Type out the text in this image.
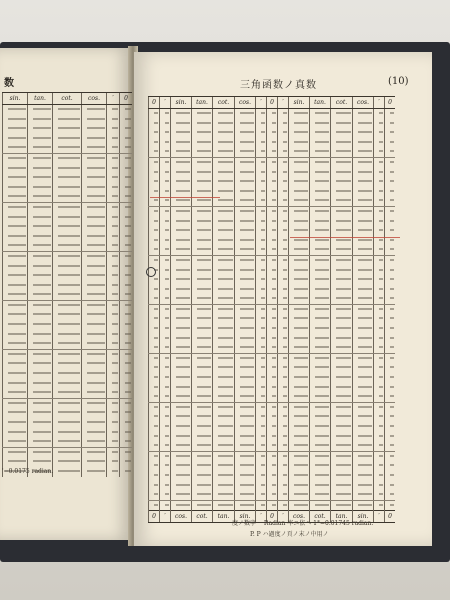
数	三角函数ノ真数	(10)
sin.	tan.	cot.	cos.	′	0

0	′	sin.	tan.	cot.	cos.	′	0	′	sin.	tan.	cot.	cos.	′	0

0	′	cos.	cot.	tan.	sin.	′	0	′	cos.	cot.	tan.	sin.	′	0
'=0.0175 radian.
度ノ数字ー Radian 率ニ依ヘ 1°=0.01745 radian.
P. P ハ過度ノ頁ノ末ノ中用ノ
